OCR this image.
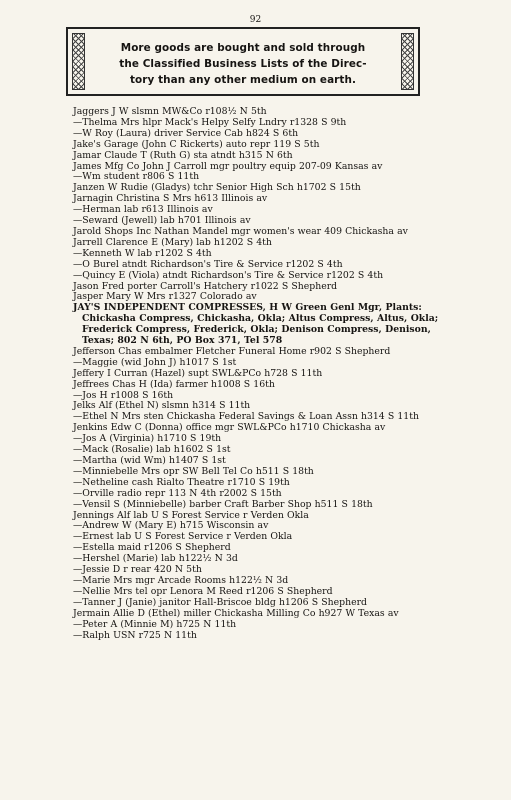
92
More goods are bought and sold through
the Classified Business Lists of the Direc-
tory than any other medium on earth.
Jaggers J W slsmn MW&Co r108½ N 5th
—Thelma Mrs hlpr Mack's Helpy Selfy Lndry r1328 S 9th
—W Roy (Laura) driver Service Cab h824 S 6th
Jake's Garage (John C Rickerts) auto repr 119 S 5th
Jamar Claude T (Ruth G) sta atndt h315 N 6th
James Mfg Co John J Carroll mgr poultry equip 207-09 Kansas av
—Wm student r806 S 11th
Janzen W Rudie (Gladys) tchr Senior High Sch h1702 S 15th
Jarnagin Christina S Mrs h613 Illinois av
—Herman lab r613 Illinois av
—Seward (Jewell) lab h701 Illinois av
Jarold Shops Inc Nathan Mandel mgr women's wear 409 Chickasha av
Jarrell Clarence E (Mary) lab h1202 S 4th
—Kenneth W lab r1202 S 4th
—O Burel atndt Richardson's Tire & Service r1202 S 4th
—Quincy E (Viola) atndt Richardson's Tire & Service r1202 S 4th
Jason Fred porter Carroll's Hatchery r1022 S Shepherd
Jasper Mary W Mrs r1327 Colorado av
JAY'S INDEPENDENT COMPRESSES, H W Green Genl Mgr, Plants: Chickasha Compress, Chickasha, Okla; Altus Compress, Altus, Okla; Frederick Compress, Frederick, Okla; Denison Compress, Denison, Texas; 802 N 6th, PO Box 371, Tel 578
Jefferson Chas embalmer Fletcher Funeral Home r902 S Shepherd
—Maggie (wid John J) h1017 S 1st
Jeffery I Curran (Hazel) supt SWL&PCo h728 S 11th
Jeffrees Chas H (Ida) farmer h1008 S 16th
—Jos H r1008 S 16th
Jelks Alf (Ethel N) slsmn h314 S 11th
—Ethel N Mrs sten Chickasha Federal Savings & Loan Assn h314 S 11th
Jenkins Edw C (Donna) office mgr SWL&PCo h1710 Chickasha av
—Jos A (Virginia) h1710 S 19th
—Mack (Rosalie) lab h1602 S 1st
—Martha (wid Wm) h1407 S 1st
—Minniebelle Mrs opr SW Bell Tel Co h511 S 18th
—Netheline cash Rialto Theatre r1710 S 19th
—Orville radio repr 113 N 4th r2002 S 15th
—Vensil S (Minniebelle) barber Craft Barber Shop h511 S 18th
Jennings Alf lab U S Forest Service r Verden Okla
—Andrew W (Mary E) h715 Wisconsin av
—Ernest lab U S Forest Service r Verden Okla
—Estella maid r1206 S Shepherd
—Hershel (Marie) lab h122½ N 3d
—Jessie D r rear 420 N 5th
—Marie Mrs mgr Arcade Rooms h122½ N 3d
—Nellie Mrs tel opr Lenora M Reed r1206 S Shepherd
—Tanner J (Janie) janitor Hall-Briscoe bldg h1206 S Shepherd
Jermain Allie D (Ethel) miller Chickasha Milling Co h927 W Texas av
—Peter A (Minnie M) h725 N 11th
—Ralph USN r725 N 11th
